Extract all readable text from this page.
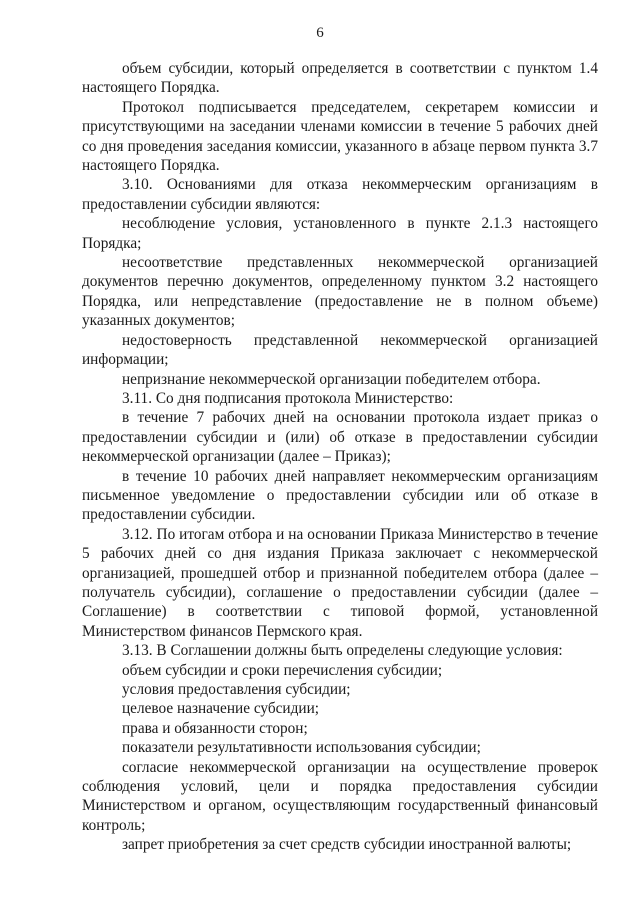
6

объем субсидии, который определяется в соответствии с пунктом 1.4 настоящего Порядка.

Протокол подписывается председателем, секретарем комиссии и присутствующими на заседании членами комиссии в течение 5 рабочих дней со дня проведения заседания комиссии, указанного в абзаце первом пункта 3.7 настоящего Порядка.

3.10. Основаниями для отказа некоммерческим организациям в предоставлении субсидии являются:

несоблюдение условия, установленного в пункте 2.1.3 настоящего Порядка;

несоответствие представленных некоммерческой организацией документов перечню документов, определенному пунктом 3.2 настоящего Порядка, или непредставление (предоставление не в полном объеме) указанных документов;

недостоверность представленной некоммерческой организацией информации;

непризнание некоммерческой организации победителем отбора.

3.11. Со дня подписания протокола Министерство:

в течение 7 рабочих дней на основании протокола издает приказ о предоставлении субсидии и (или) об отказе в предоставлении субсидии некоммерческой организации (далее – Приказ);

в течение 10 рабочих дней направляет некоммерческим организациям письменное уведомление о предоставлении субсидии или об отказе в предоставлении субсидии.

3.12. По итогам отбора и на основании Приказа Министерство в течение 5 рабочих дней со дня издания Приказа заключает с некоммерческой организацией, прошедшей отбор и признанной победителем отбора (далее – получатель субсидии), соглашение о предоставлении субсидии (далее – Соглашение) в соответствии с типовой формой, установленной Министерством финансов Пермского края.

3.13. В Соглашении должны быть определены следующие условия:

объем субсидии и сроки перечисления субсидии;

условия предоставления субсидии;

целевое назначение субсидии;

права и обязанности сторон;

показатели результативности использования субсидии;

согласие некоммерческой организации на осуществление проверок соблюдения условий, цели и порядка предоставления субсидии Министерством и органом, осуществляющим государственный финансовый контроль;

запрет приобретения за счет средств субсидии иностранной валюты;
